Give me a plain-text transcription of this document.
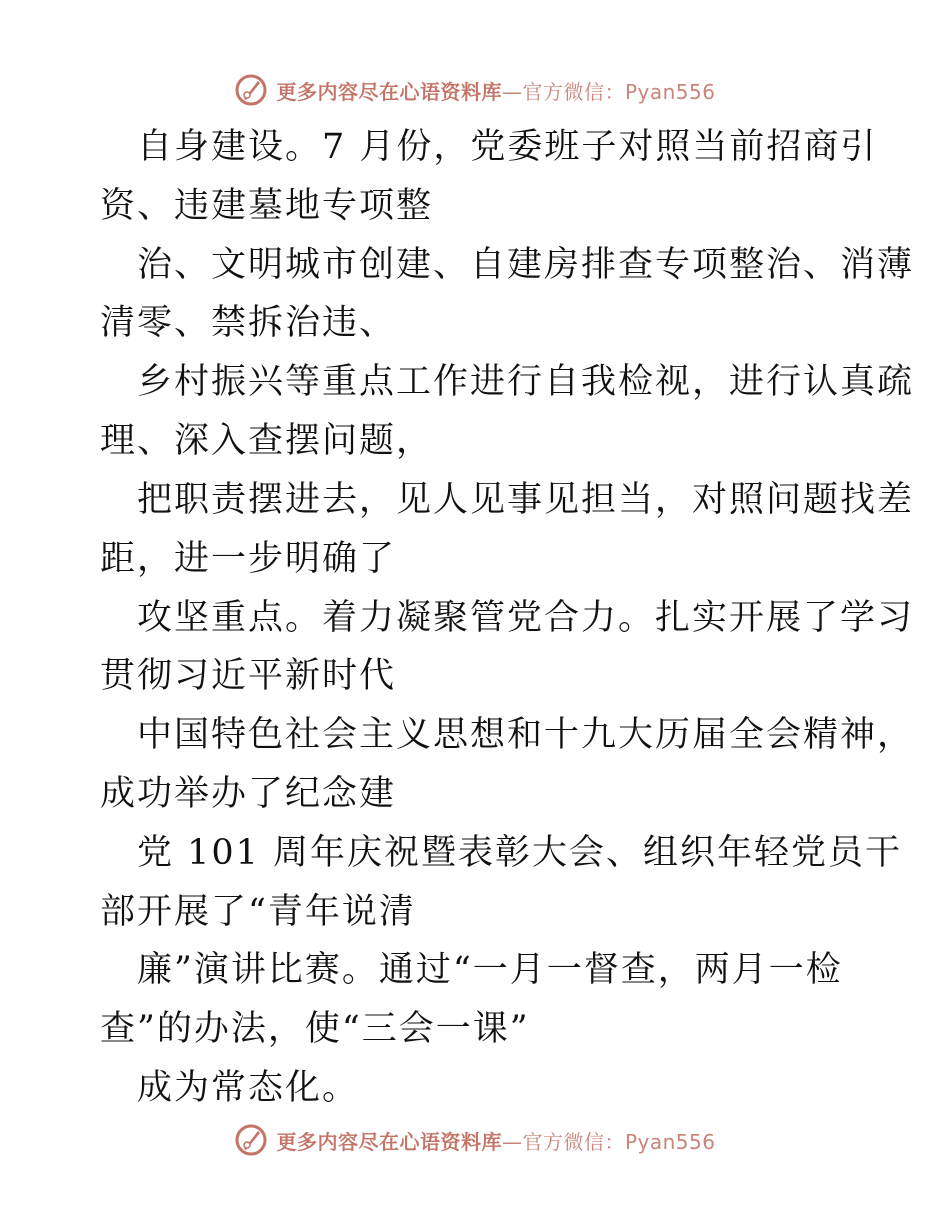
更多内容尽在心语资料库—官方微信：Pyan556
自身建设。7 月份，党委班子对照当前招商引
资、违建墓地专项整
治、文明城市创建、自建房排查专项整治、消薄
清零、禁拆治违、
乡村振兴等重点工作进行自我检视，进行认真疏
理、深入查摆问题，
把职责摆进去，见人见事见担当，对照问题找差
距，进一步明确了
攻坚重点。着力凝聚管党合力。扎实开展了学习
贯彻习近平新时代
中国特色社会主义思想和十九大历届全会精神，
成功举办了纪念建
党 101 周年庆祝暨表彰大会、组织年轻党员干
部开展了“青年说清
廉”演讲比赛。通过“一月一督查，两月一检
查”的办法，使“三会一课”
成为常态化。
更多内容尽在心语资料库—官方微信：Pyan556
